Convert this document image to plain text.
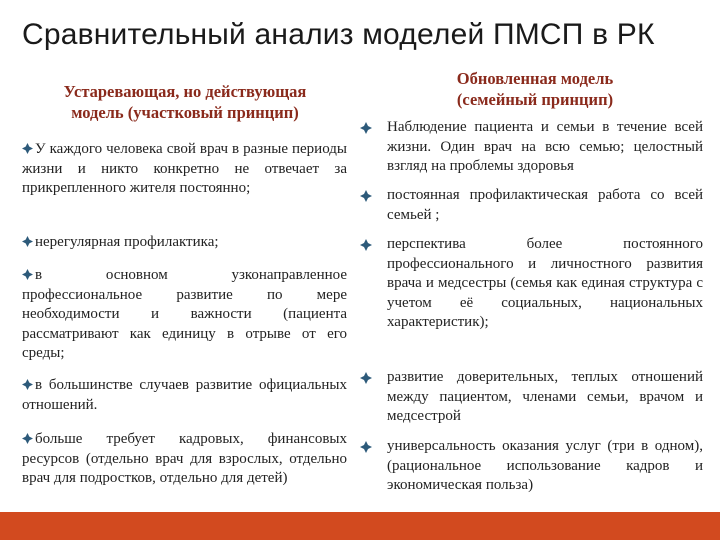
Сравнительный анализ моделей ПМСП в РК
Устаревающая, но действующая
модель (участковый принцип)
У каждого человека свой врач в разные периоды жизни и никто конкретно не отвечает за прикрепленного жителя постоянно;
нерегулярная профилактика;
в основном узконаправленное профессиональное развитие по мере необходимости и важности (пациента рассматривают как единицу в отрыве от его среды;
в большинстве случаев развитие официальных отношений.
больше требует кадровых, финансовых ресурсов (отдельно врач для взрослых, отдельно врач для подростков, отдельно для детей)
Обновленная модель
(семейный принцип)
Наблюдение пациента и семьи в течение всей жизни. Один врач на всю семью; целостный взгляд на проблемы здоровья
постоянная профилактическая работа со всей семьей ;
перспектива более постоянного профессионального и личностного развития врача и медсестры (семья как единая структура с учетом её социальных, национальных характеристик);
развитие доверительных, теплых отношений между пациентом, членами семьи, врачом и медсестрой
универсальность оказания услуг (три в одном), (рациональное использование кадров и экономическая польза)
